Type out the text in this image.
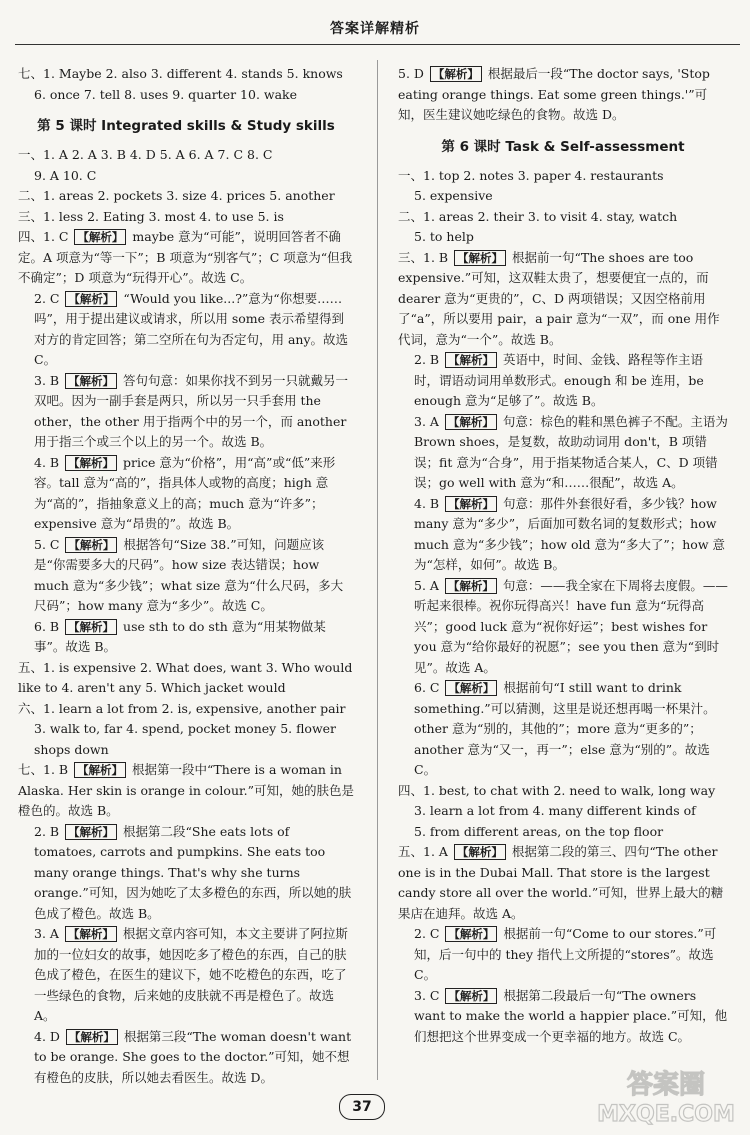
答案详解精析
七、1. Maybe 2. also 3. different 4. stands 5. knows
6. once 7. tell 8. uses 9. quarter 10. wake
第 5 课时 Integrated skills & Study skills
一、1. A 2. A 3. B 4. D 5. A 6. A 7. C 8. C
9. A 10. C
二、1. areas 2. pockets 3. size 4. prices 5. another
三、1. less 2. Eating 3. most 4. to use 5. is
四、1. C 【解析】 maybe 意为“可能”，说明回答者不确定。A 项意为“等一下”；B 项意为“别客气”；C 项意为“但我不确定”；D 项意为“玩得开心”。故选 C。
2. C 【解析】 “Would you like...?”意为“你想要……吗”，用于提出建议或请求，所以用 some 表示希望得到对方的肯定回答；第二空所在句为否定句，用 any。故选 C。
3. B 【解析】 答句句意：如果你找不到另一只就戴另一双吧。因为一副手套是两只，所以另一只手套用 the other，the other 用于指两个中的另一个，而 another 用于指三个或三个以上的另一个。故选 B。
4. B 【解析】 price 意为“价格”，用“高”或“低”来形容。tall 意为“高的”，指具体人或物的高度；high 意为“高的”，指抽象意义上的高；much 意为“许多”；expensive 意为“昂贵的”。故选 B。
5. C 【解析】 根据答句“Size 38.”可知，问题应该是“你需要多大的尺码”。how size 表达错误；how much 意为“多少钱”；what size 意为“什么尺码，多大尺码”；how many 意为“多少”。故选 C。
6. B 【解析】 use sth to do sth 意为“用某物做某事”。故选 B。
五、1. is expensive 2. What does, want 3. Who would like to 4. aren't any 5. Which jacket would
六、1. learn a lot from 2. is, expensive, another pair
3. walk to, far 4. spend, pocket money 5. flower shops down
七、1. B 【解析】 根据第一段中“There is a woman in Alaska. Her skin is orange in colour.”可知，她的肤色是橙色的。故选 B。
2. B 【解析】 根据第二段“She eats lots of tomatoes, carrots and pumpkins. She eats too many orange things. That's why she turns orange.”可知，因为她吃了太多橙色的东西，所以她的肤色成了橙色。故选 B。
3. A 【解析】 根据文章内容可知，本文主要讲了阿拉斯加的一位妇女的故事，她因吃多了橙色的东西，自己的肤色成了橙色，在医生的建议下，她不吃橙色的东西，吃了一些绿色的食物，后来她的皮肤就不再是橙色了。故选 A。
4. D 【解析】 根据第三段“The woman doesn't want to be orange. She goes to the doctor.”可知，她不想有橙色的皮肤，所以她去看医生。故选 D。
5. D 【解析】 根据最后一段“The doctor says, 'Stop eating orange things. Eat some green things.'”可知，医生建议她吃绿色的食物。故选 D。
第 6 课时 Task & Self-assessment
一、1. top 2. notes 3. paper 4. restaurants
5. expensive
二、1. areas 2. their 3. to visit 4. stay, watch
5. to help
三、1. B 【解析】 根据前一句“The shoes are too expensive.”可知，这双鞋太贵了，想要便宜一点的，而 dearer 意为“更贵的”，C、D 两项错误；又因空格前用了“a”，所以要用 pair，a pair 意为“一双”，而 one 用作代词，意为“一个”。故选 B。
2. B 【解析】 英语中，时间、金钱、路程等作主语时，谓语动词用单数形式。enough 和 be 连用，be enough 意为“足够了”。故选 B。
3. A 【解析】 句意：棕色的鞋和黑色裤子不配。主语为 Brown shoes，是复数，故助动词用 don't，B 项错误；fit 意为“合身”，用于指某物适合某人，C、D 项错误；go well with 意为“和……很配”，故选 A。
4. B 【解析】 句意：那件外套很好看，多少钱？how many 意为“多少”，后面加可数名词的复数形式；how much 意为“多少钱”；how old 意为“多大了”；how 意为“怎样，如何”。故选 B。
5. A 【解析】 句意：——我全家在下周将去度假。——听起来很棒。祝你玩得高兴！have fun 意为“玩得高兴”；good luck 意为“祝你好运”；best wishes for you 意为“给你最好的祝愿”；see you then 意为“到时见”。故选 A。
6. C 【解析】 根据前句“I still want to drink something.”可以猜测，这里是说还想再喝一杯果汁。other 意为“别的，其他的”；more 意为“更多的”；another 意为“又一，再一”；else 意为“别的”。故选 C。
四、1. best, to chat with 2. need to walk, long way
3. learn a lot from 4. many different kinds of
5. from different areas, on the top floor
五、1. A 【解析】 根据第二段的第三、四句“The other one is in the Dubai Mall. That store is the largest candy store all over the world.”可知，世界上最大的糖果店在迪拜。故选 A。
2. C 【解析】 根据前一句“Come to our stores.”可知，后一句中的 they 指代上文所提的“stores”。故选 C。
3. C 【解析】 根据第二段最后一句“The owners want to make the world a happier place.”可知，他们想把这个世界变成一个更幸福的地方。故选 C。
37
答案圈
MXQE.COM
